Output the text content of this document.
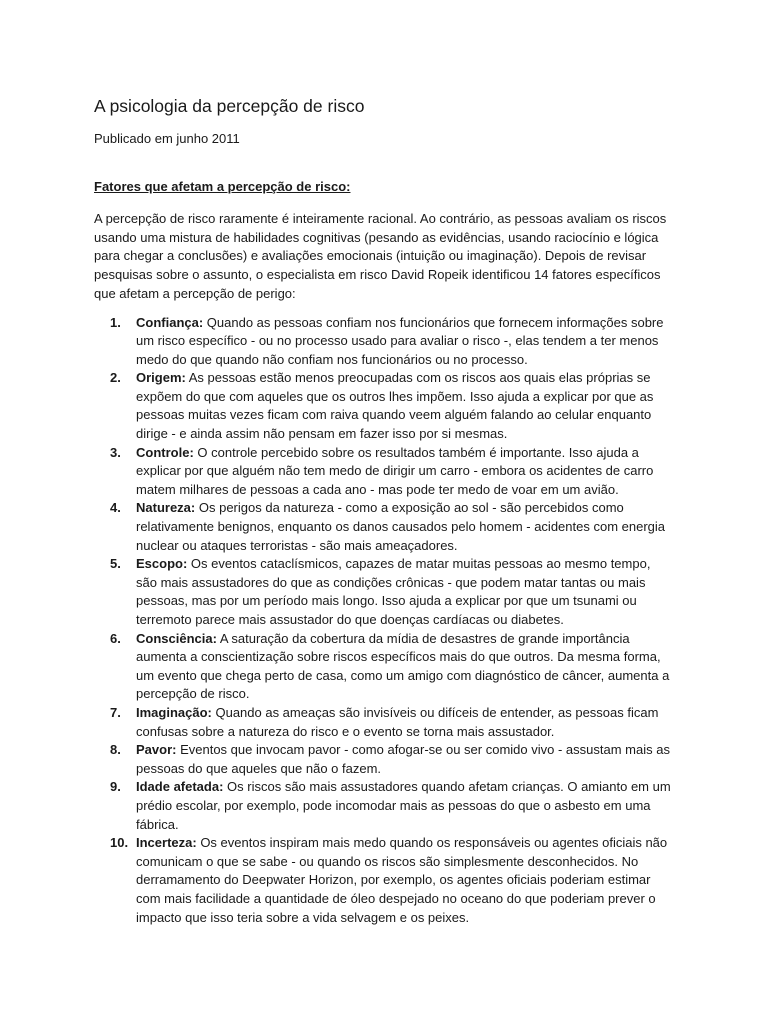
A psicologia da percepção de risco

Publicado em junho 2011

Fatores que afetam a percepção de risco:

A percepção de risco raramente é inteiramente racional. Ao contrário, as pessoas avaliam os riscos usando uma mistura de habilidades cognitivas (pesando as evidências, usando raciocínio e lógica para chegar a conclusões) e avaliações emocionais (intuição ou imaginação). Depois de revisar pesquisas sobre o assunto, o especialista em risco David Ropeik identificou 14 fatores específicos que afetam a percepção de perigo:

1. Confiança: Quando as pessoas confiam nos funcionários que fornecem informações sobre um risco específico - ou no processo usado para avaliar o risco -, elas tendem a ter menos medo do que quando não confiam nos funcionários ou no processo.
2. Origem: As pessoas estão menos preocupadas com os riscos aos quais elas próprias se expõem do que com aqueles que os outros lhes impõem. Isso ajuda a explicar por que as pessoas muitas vezes ficam com raiva quando veem alguém falando ao celular enquanto dirige - e ainda assim não pensam em fazer isso por si mesmas.
3. Controle: O controle percebido sobre os resultados também é importante. Isso ajuda a explicar por que alguém não tem medo de dirigir um carro - embora os acidentes de carro matem milhares de pessoas a cada ano - mas pode ter medo de voar em um avião.
4. Natureza: Os perigos da natureza - como a exposição ao sol - são percebidos como relativamente benignos, enquanto os danos causados pelo homem - acidentes com energia nuclear ou ataques terroristas - são mais ameaçadores.
5. Escopo: Os eventos cataclísmicos, capazes de matar muitas pessoas ao mesmo tempo, são mais assustadores do que as condições crônicas - que podem matar tantas ou mais pessoas, mas por um período mais longo. Isso ajuda a explicar por que um tsunami ou terremoto parece mais assustador do que doenças cardíacas ou diabetes.
6. Consciência: A saturação da cobertura da mídia de desastres de grande importância aumenta a conscientização sobre riscos específicos mais do que outros. Da mesma forma, um evento que chega perto de casa, como um amigo com diagnóstico de câncer, aumenta a percepção de risco.
7. Imaginação: Quando as ameaças são invisíveis ou difíceis de entender, as pessoas ficam confusas sobre a natureza do risco e o evento se torna mais assustador.
8. Pavor: Eventos que invocam pavor - como afogar-se ou ser comido vivo - assustam mais as pessoas do que aqueles que não o fazem.
9. Idade afetada: Os riscos são mais assustadores quando afetam crianças. O amianto em um prédio escolar, por exemplo, pode incomodar mais as pessoas do que o asbesto em uma fábrica.
10. Incerteza: Os eventos inspiram mais medo quando os responsáveis ou agentes oficiais não comunicam o que se sabe - ou quando os riscos são simplesmente desconhecidos. No derramamento do Deepwater Horizon, por exemplo, os agentes oficiais poderiam estimar com mais facilidade a quantidade de óleo despejado no oceano do que poderiam prever o impacto que isso teria sobre a vida selvagem e os peixes.
